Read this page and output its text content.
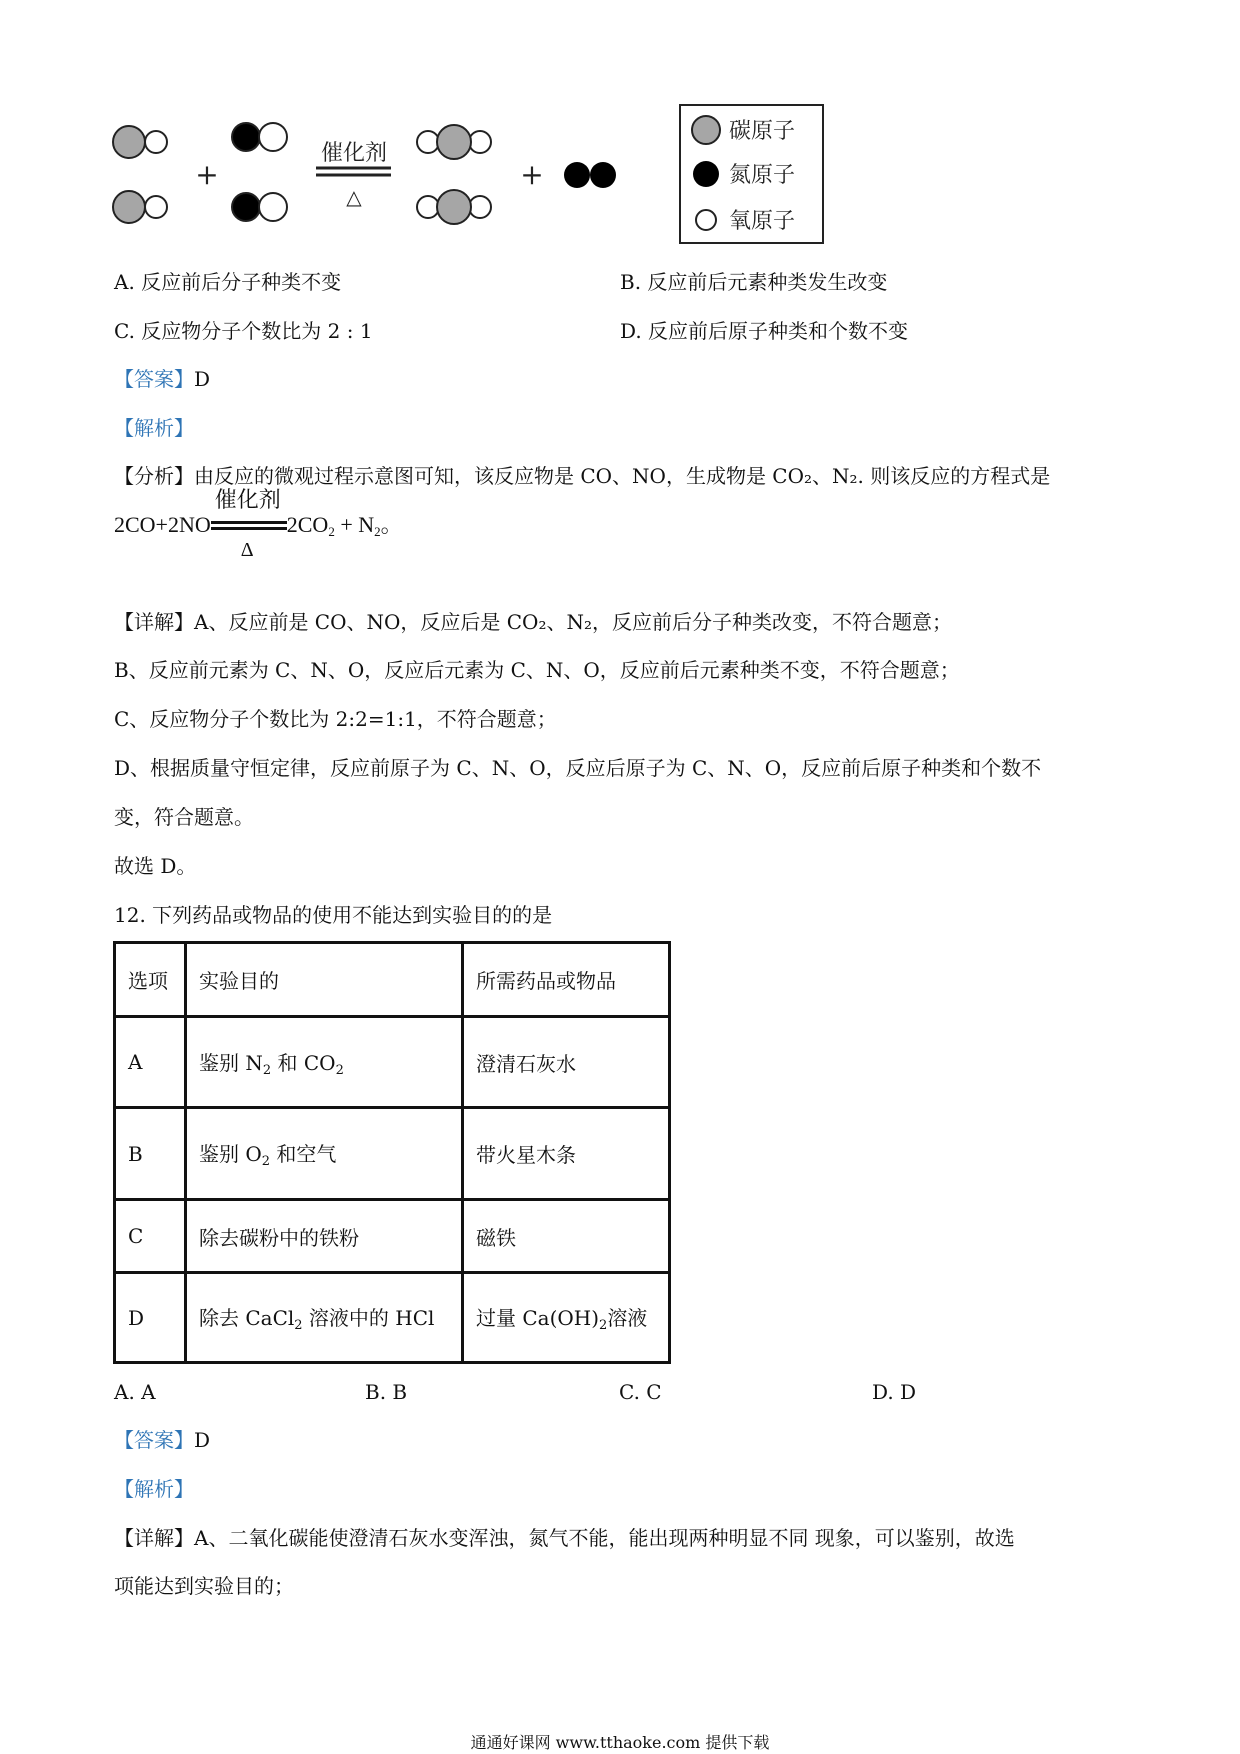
+
催化剂
△
+
碳原子
氮原子
氧原子
A. 反应前后分子种类不变	B. 反应前后元素种类发生改变
C. 反应物分子个数比为 2 : 1	D. 反应前后原子种类和个数不变
【答案】D
【解析】
【分析】由反应的微观过程示意图可知，该反应物是 CO、NO，生成物是 CO₂、N₂. 则该反应的方程式是
2CO+2NO
催化剂
Δ
$2CO_2 + N_2$。
【详解】A、反应前是 CO、NO，反应后是 CO₂、N₂，反应前后分子种类改变，不符合题意；
B、反应前元素为 C、N、O，反应后元素为 C、N、O，反应前后元素种类不变，不符合题意；
C、反应物分子个数比为 2:2=1:1，不符合题意；
D、根据质量守恒定律，反应前原子为 C、N、O，反应后原子为 C、N、O，反应前后原子种类和个数不
变，符合题意。
故选 D。
12. 下列药品或物品的使用不能达到实验目的的是
选项	实验目的	所需药品或物品
A	鉴别 $N_2$ 和 $CO_2$	澄清石灰水
B	鉴别 $O_2$ 和空气	带火星木条
C	除去碳粉中的铁粉	磁铁
D	除去 CaCl$_2$ 溶液中的 HCl	过量 $Ca(OH)_2$溶液
A. A	B. B	C. C	D. D
【答案】D
【解析】
【详解】A、二氧化碳能使澄清石灰水变浑浊，氮气不能，能出现两种明显不同 现象，可以鉴别，故选
项能达到实验目的；
通通好课网 www.tthaoke.com 提供下载
